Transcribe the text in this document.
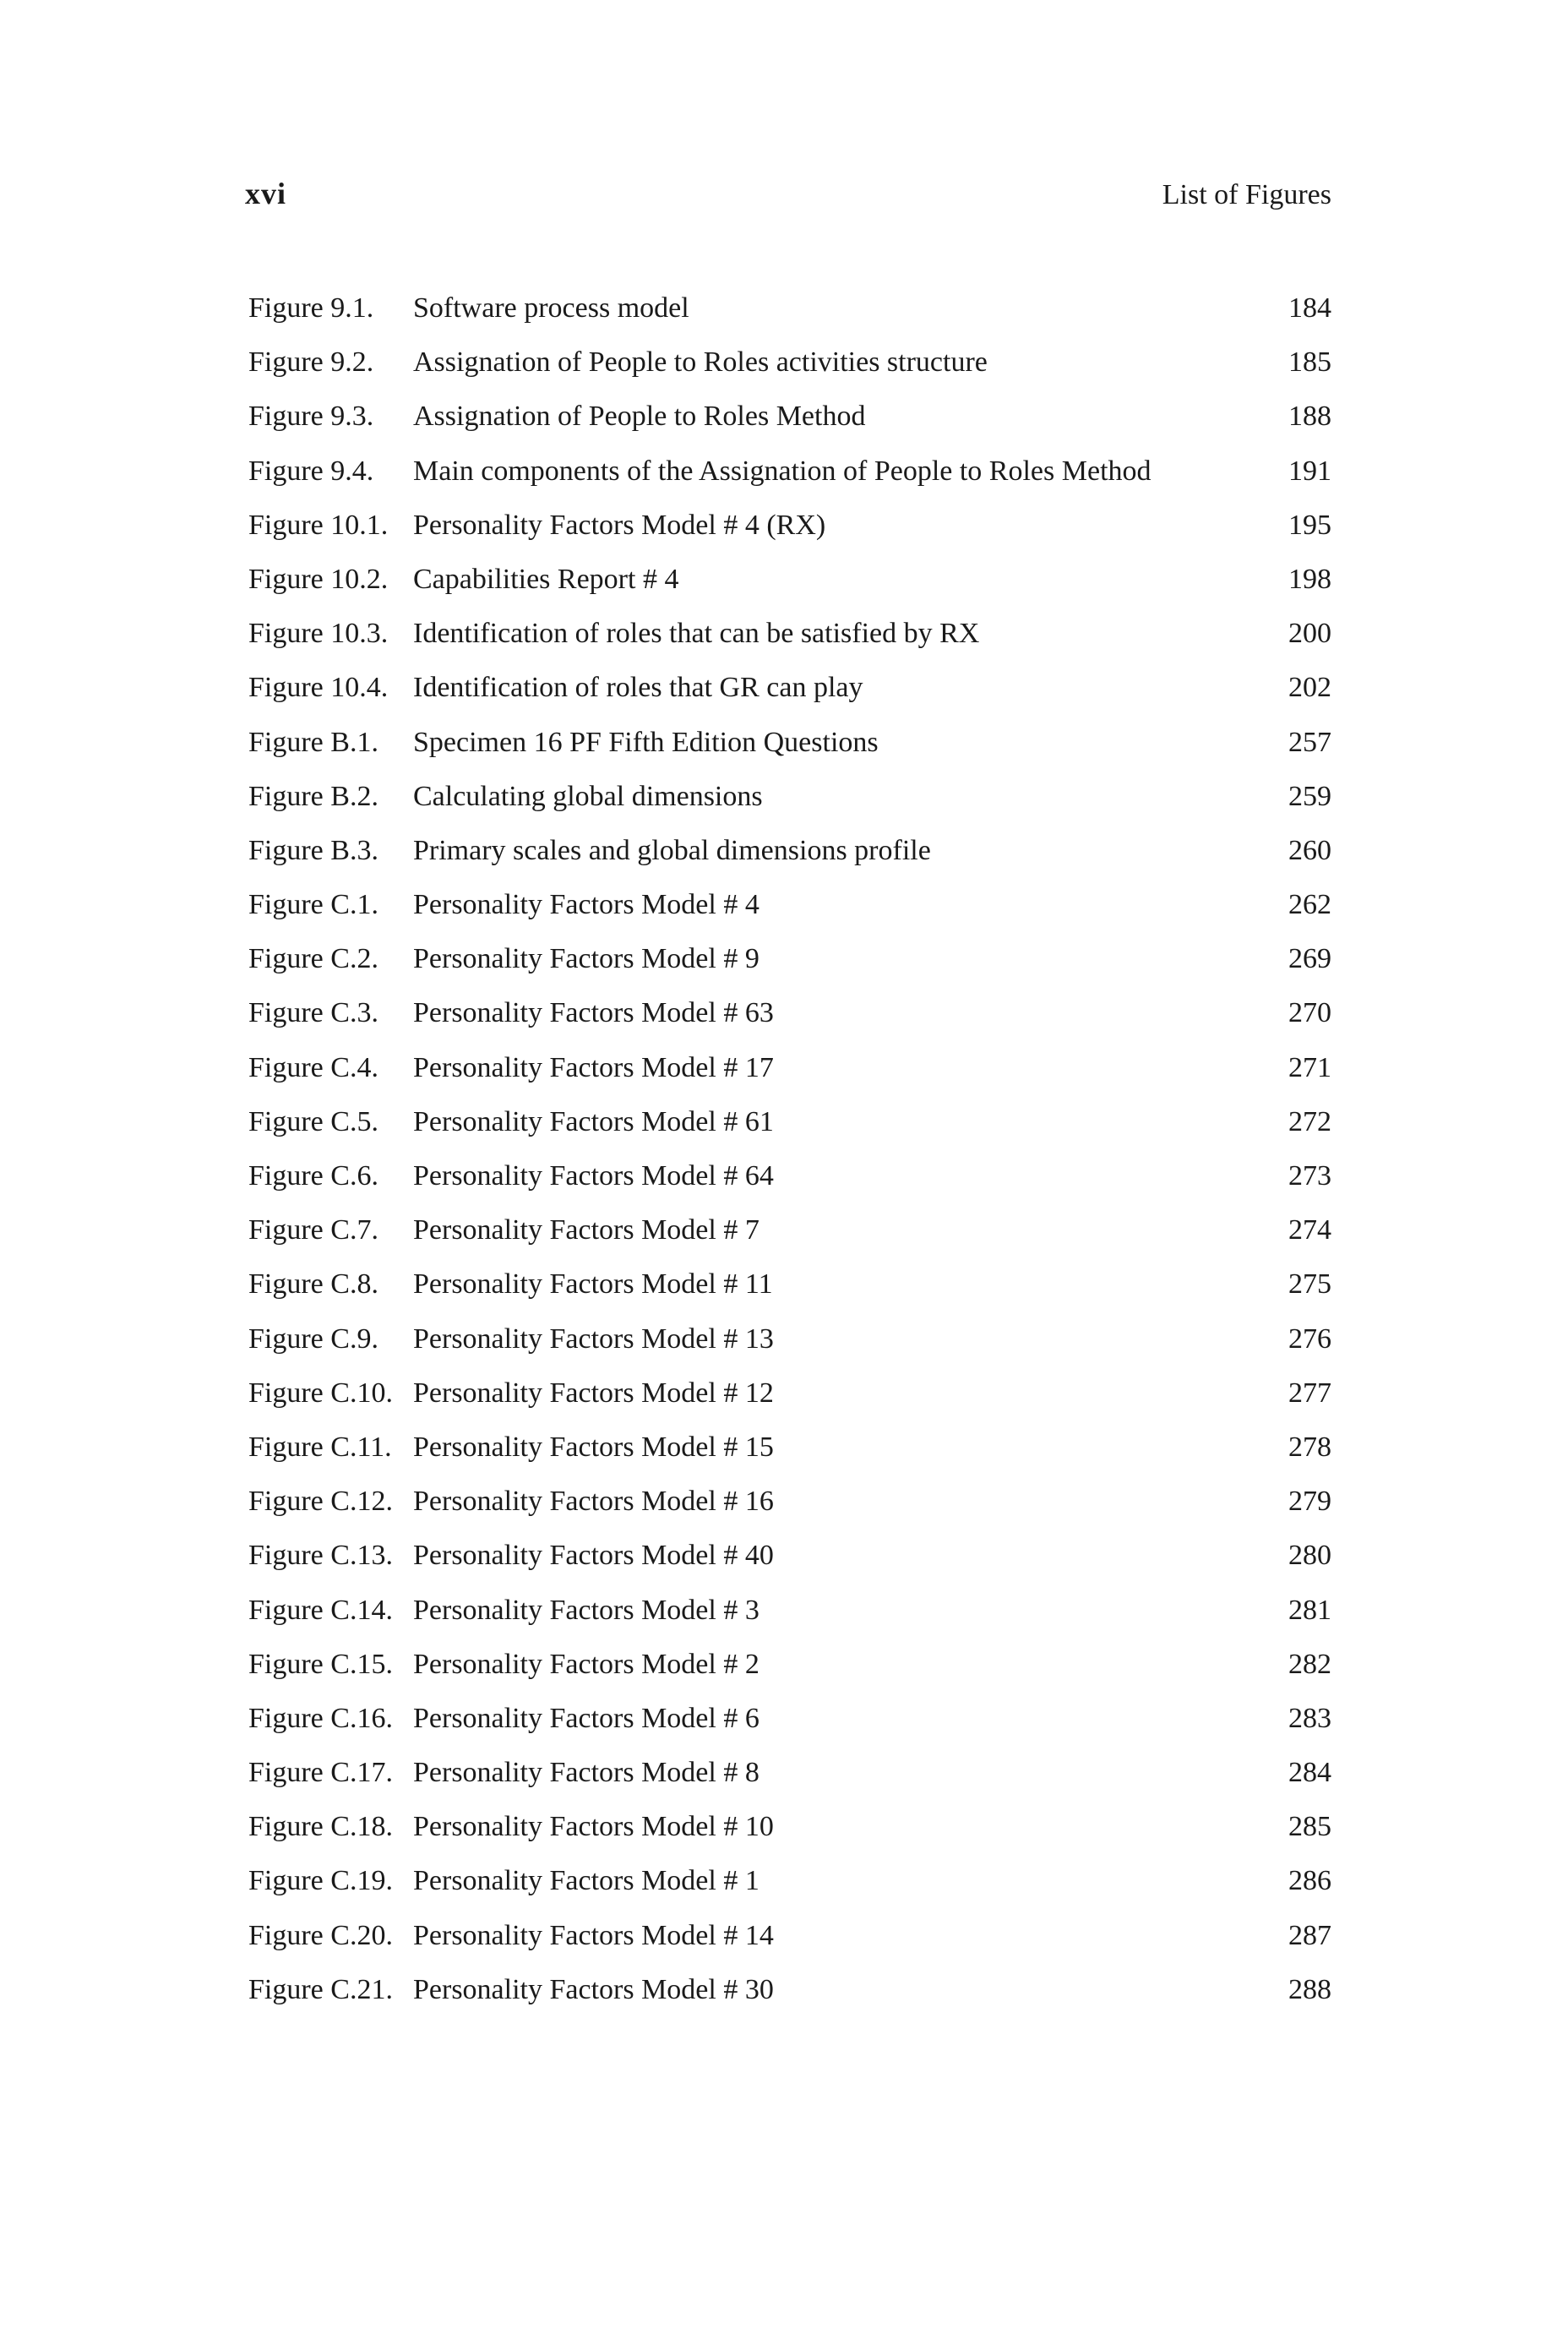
xvi	List of Figures
Figure 9.1. Software process model	184
Figure 9.2. Assignation of People to Roles activities structure	185
Figure 9.3. Assignation of People to Roles Method	188
Figure 9.4. Main components of the Assignation of People to Roles Method	191
Figure 10.1. Personality Factors Model # 4 (RX)	195
Figure 10.2. Capabilities Report # 4	198
Figure 10.3. Identification of roles that can be satisfied by RX	200
Figure 10.4. Identification of roles that GR can play	202
Figure B.1. Specimen 16 PF Fifth Edition Questions	257
Figure B.2. Calculating global dimensions	259
Figure B.3. Primary scales and global dimensions profile	260
Figure C.1. Personality Factors Model # 4	262
Figure C.2. Personality Factors Model # 9	269
Figure C.3. Personality Factors Model # 63	270
Figure C.4. Personality Factors Model # 17	271
Figure C.5. Personality Factors Model # 61	272
Figure C.6. Personality Factors Model # 64	273
Figure C.7. Personality Factors Model # 7	274
Figure C.8. Personality Factors Model # 11	275
Figure C.9. Personality Factors Model # 13	276
Figure C.10. Personality Factors Model # 12	277
Figure C.11. Personality Factors Model # 15	278
Figure C.12. Personality Factors Model # 16	279
Figure C.13. Personality Factors Model # 40	280
Figure C.14. Personality Factors Model # 3	281
Figure C.15. Personality Factors Model # 2	282
Figure C.16. Personality Factors Model # 6	283
Figure C.17. Personality Factors Model # 8	284
Figure C.18. Personality Factors Model # 10	285
Figure C.19. Personality Factors Model # 1	286
Figure C.20. Personality Factors Model # 14	287
Figure C.21. Personality Factors Model # 30	288
